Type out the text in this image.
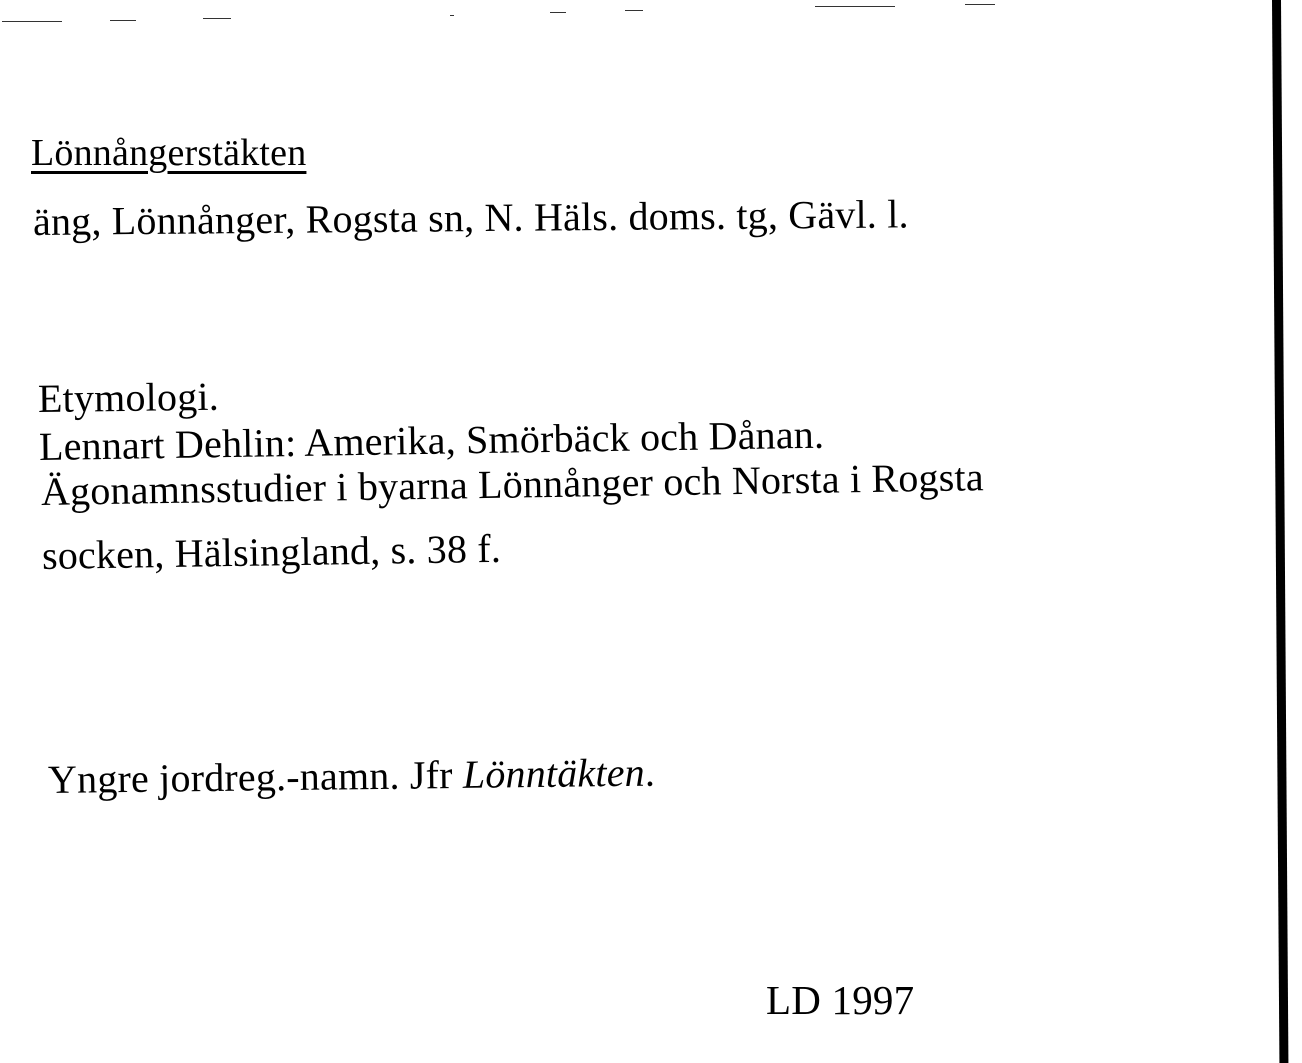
Lönnångerstäkten
äng, Lönnånger, Rogsta sn, N. Häls. doms. tg, Gävl. l.
Etymologi.
Lennart Dehlin: Amerika, Smörbäck och Dånan.
Ägonamnsstudier i byarna Lönnånger och Norsta i Rogsta
socken, Hälsingland, s. 38 f.
Yngre jordreg.-namn. Jfr Lönntäkten.
LD 1997
